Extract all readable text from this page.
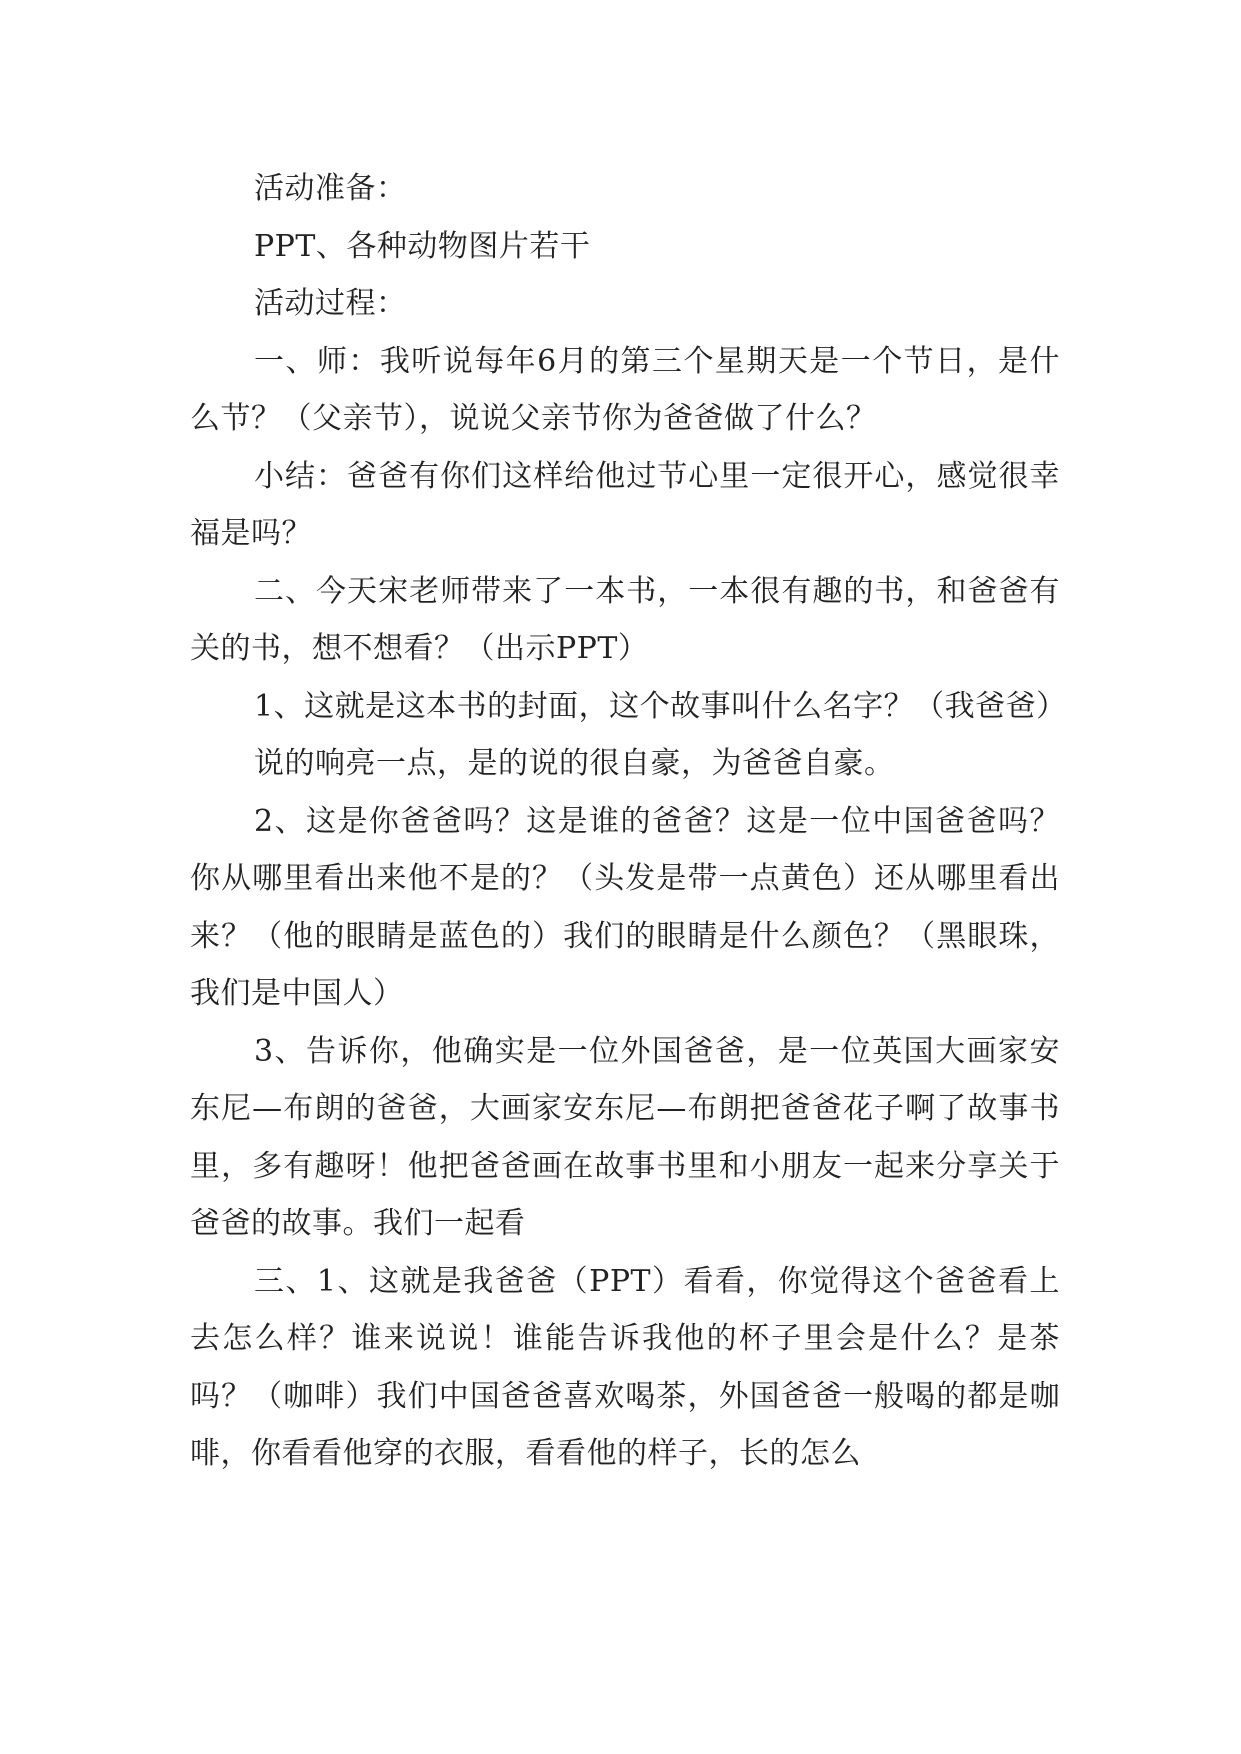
活动准备：

PPT、各种动物图片若干

活动过程：

一、师：我听说每年6月的第三个星期天是一个节日，是什么节？（父亲节），说说父亲节你为爸爸做了什么？

小结：爸爸有你们这样给他过节心里一定很开心，感觉很幸福是吗？

二、今天宋老师带来了一本书，一本很有趣的书，和爸爸有关的书，想不想看？（出示PPT）

1、这就是这本书的封面，这个故事叫什么名字？（我爸爸）

说的响亮一点，是的说的很自豪，为爸爸自豪。

2、这是你爸爸吗？这是谁的爸爸？这是一位中国爸爸吗？你从哪里看出来他不是的？（头发是带一点黄色）还从哪里看出来？（他的眼睛是蓝色的）我们的眼睛是什么颜色？（黑眼珠，我们是中国人）

3、告诉你，他确实是一位外国爸爸，是一位英国大画家安东尼—布朗的爸爸，大画家安东尼—布朗把爸爸花子啊了故事书里，多有趣呀！他把爸爸画在故事书里和小朋友一起来分享关于爸爸的故事。我们一起看

三、1、这就是我爸爸（PPT）看看，你觉得这个爸爸看上去怎么样？谁来说说！谁能告诉我他的杯子里会是什么？是茶吗？（咖啡）我们中国爸爸喜欢喝茶，外国爸爸一般喝的都是咖啡，你看看他穿的衣服，看看他的样子，长的怎么
